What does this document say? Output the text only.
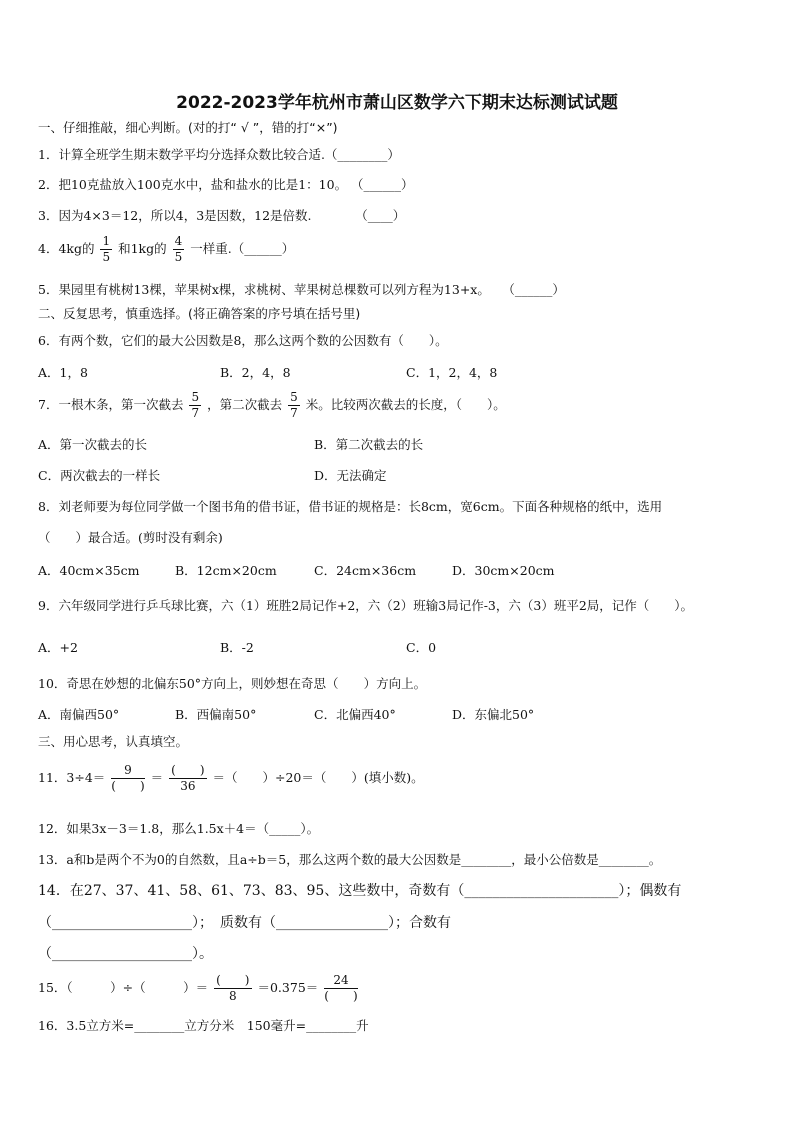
2022-2023学年杭州市萧山区数学六下期末达标测试试题
一、仔细推敲，细心判断。(对的打“ √ ”，错的打“×”)
1．计算全班学生期末数学平均分选择众数比较合适.（________）
2．把10克盐放入100克水中，盐和盐水的比是1：10。 （______）
3．因为4×3＝12，所以4，3是因数，12是倍数.　　　　（____）
4．4kg的 $\frac{1}{5}$ 和1kg的 $\frac{4}{5}$ 一样重.（______）
5．果园里有桃树13棵，苹果树x棵，求桃树、苹果树总棵数可以列方程为13+x。　　（______）
二、反复思考，慎重选择。(将正确答案的序号填在括号里)
6．有两个数，它们的最大公因数是8，那么这两个数的公因数有（　　）。
A．1，8	B．2，4，8	C．1，2，4，8
7．一根木条，第一次截去 $\frac{5}{7}$ ，第二次截去 $\frac{5}{7}$ 米。比较两次截去的长度，（　　）。
A．第一次截去的长	B．第二次截去的长
C．两次截去的一样长	D．无法确定
8．刘老师要为每位同学做一个图书角的借书证，借书证的规格是：长8cm，宽6cm。下面各种规格的纸中，选用
（　　）最合适。(剪时没有剩余)
A．40cm×35cm	B．12cm×20cm	C．24cm×36cm	D．30cm×20cm
9．六年级同学进行乒乓球比赛，六（1）班胜2局记作+2，六（2）班输3局记作-3，六（3）班平2局，记作（　　）。
A．+2	B．-2	C．0
10．奇思在妙想的北偏东50°方向上，则妙想在奇思（　　）方向上。
A．南偏西50°	B．西偏南50°	C．北偏西40°	D．东偏北50°
三、用心思考，认真填空。
11．$3\div 4= \frac{9}{( )} = \frac{( )}{36}$ ＝（　　）÷20＝（　　）(填小数)。
12．如果3x－3＝1.8，那么1.5x＋4＝（_____）。
13．a和b是两个不为0的自然数，且a÷b＝5，那么这两个数的最大公因数是________，最小公倍数是________。
14．在27、37、41、58、61、73、83、95、这些数中，奇数有（______________________）；偶数有
（____________________）；　质数有（________________）；合数有
（____________________）。
15．（　　　）÷（　　　）＝ $\frac{( )}{8} =0.375= \frac{24}{( )}$
16．3.5立方米=________立方分米　150毫升=________升
